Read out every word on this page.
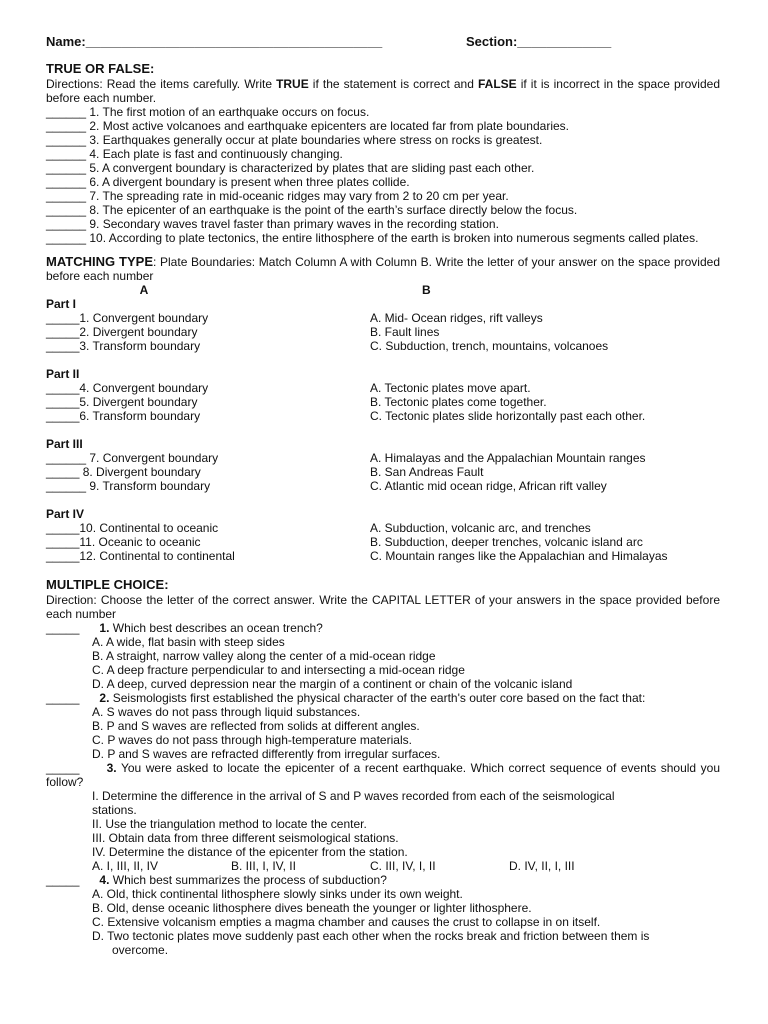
Name:_________________________________________	Section:_____________
TRUE OR FALSE:
Directions: Read the items carefully. Write TRUE if the statement is correct and FALSE if it is incorrect in the space provided before each number.
______ 1. The first motion of an earthquake occurs on focus.
______ 2. Most active volcanoes and earthquake epicenters are located far from plate boundaries.
______ 3. Earthquakes generally occur at plate boundaries where stress on rocks is greatest.
______ 4. Each plate is fast and continuously changing.
______ 5. A convergent boundary is characterized by plates that are sliding past each other.
______ 6. A divergent boundary is present when three plates collide.
______ 7. The spreading rate in mid-oceanic ridges may vary from 2 to 20 cm per year.
______ 8. The epicenter of an earthquake is the point of the earth’s surface directly below the focus.
______ 9. Secondary waves travel faster than primary waves in the recording station.
______ 10. According to plate tectonics, the entire lithosphere of the earth is broken into numerous segments called plates.
MATCHING TYPE: Plate Boundaries: Match Column A with Column B. Write the letter of your answer on the space provided before each number
A	B
Part I
_____1. Convergent boundary	A. Mid- Ocean ridges, rift valleys
_____2. Divergent boundary	B. Fault lines
_____3. Transform boundary	C. Subduction, trench, mountains, volcanoes
Part II
_____4. Convergent boundary	A. Tectonic plates move apart.
_____5. Divergent boundary	B. Tectonic plates come together.
_____6. Transform boundary	C. Tectonic plates slide horizontally past each other.
Part III
______ 7. Convergent boundary	A. Himalayas and the Appalachian Mountain ranges
_____ 8. Divergent boundary	B. San Andreas Fault
______ 9. Transform boundary	C. Atlantic mid ocean ridge, African rift valley
Part IV
_____10. Continental to oceanic	A. Subduction, volcanic arc, and trenches
_____11. Oceanic to oceanic	B. Subduction, deeper trenches, volcanic island arc
_____12. Continental to continental	C. Mountain ranges like the Appalachian and Himalayas
MULTIPLE CHOICE:
Direction: Choose the letter of the correct answer. Write the CAPITAL LETTER of your answers in the space provided before each number
_____ 1. Which best describes an ocean trench?
A. A wide, flat basin with steep sides
B. A straight, narrow valley along the center of a mid-ocean ridge
C. A deep fracture perpendicular to and intersecting a mid-ocean ridge
D. A deep, curved depression near the margin of a continent or chain of the volcanic island
_____ 2. Seismologists first established the physical character of the earth's outer core based on the fact that:
A. S waves do not pass through liquid substances.
B. P and S waves are reflected from solids at different angles.
C. P waves do not pass through high-temperature materials.
D. P and S waves are refracted differently from irregular surfaces.
_____ 3. You were asked to locate the epicenter of a recent earthquake. Which correct sequence of events should you follow?
I. Determine the difference in the arrival of S and P waves recorded from each of the seismological
stations.
II. Use the triangulation method to locate the center.
III. Obtain data from three different seismological stations.
IV. Determine the distance of the epicenter from the station.
A. I, III, II, IV	B. III, I, IV, II	C. III, IV, I, II	D. IV, II, I, III
_____ 4. Which best summarizes the process of subduction?
A. Old, thick continental lithosphere slowly sinks under its own weight.
B. Old, dense oceanic lithosphere dives beneath the younger or lighter lithosphere.
C. Extensive volcanism empties a magma chamber and causes the crust to collapse in on itself.
D. Two tectonic plates move suddenly past each other when the rocks break and friction between them is
overcome.
